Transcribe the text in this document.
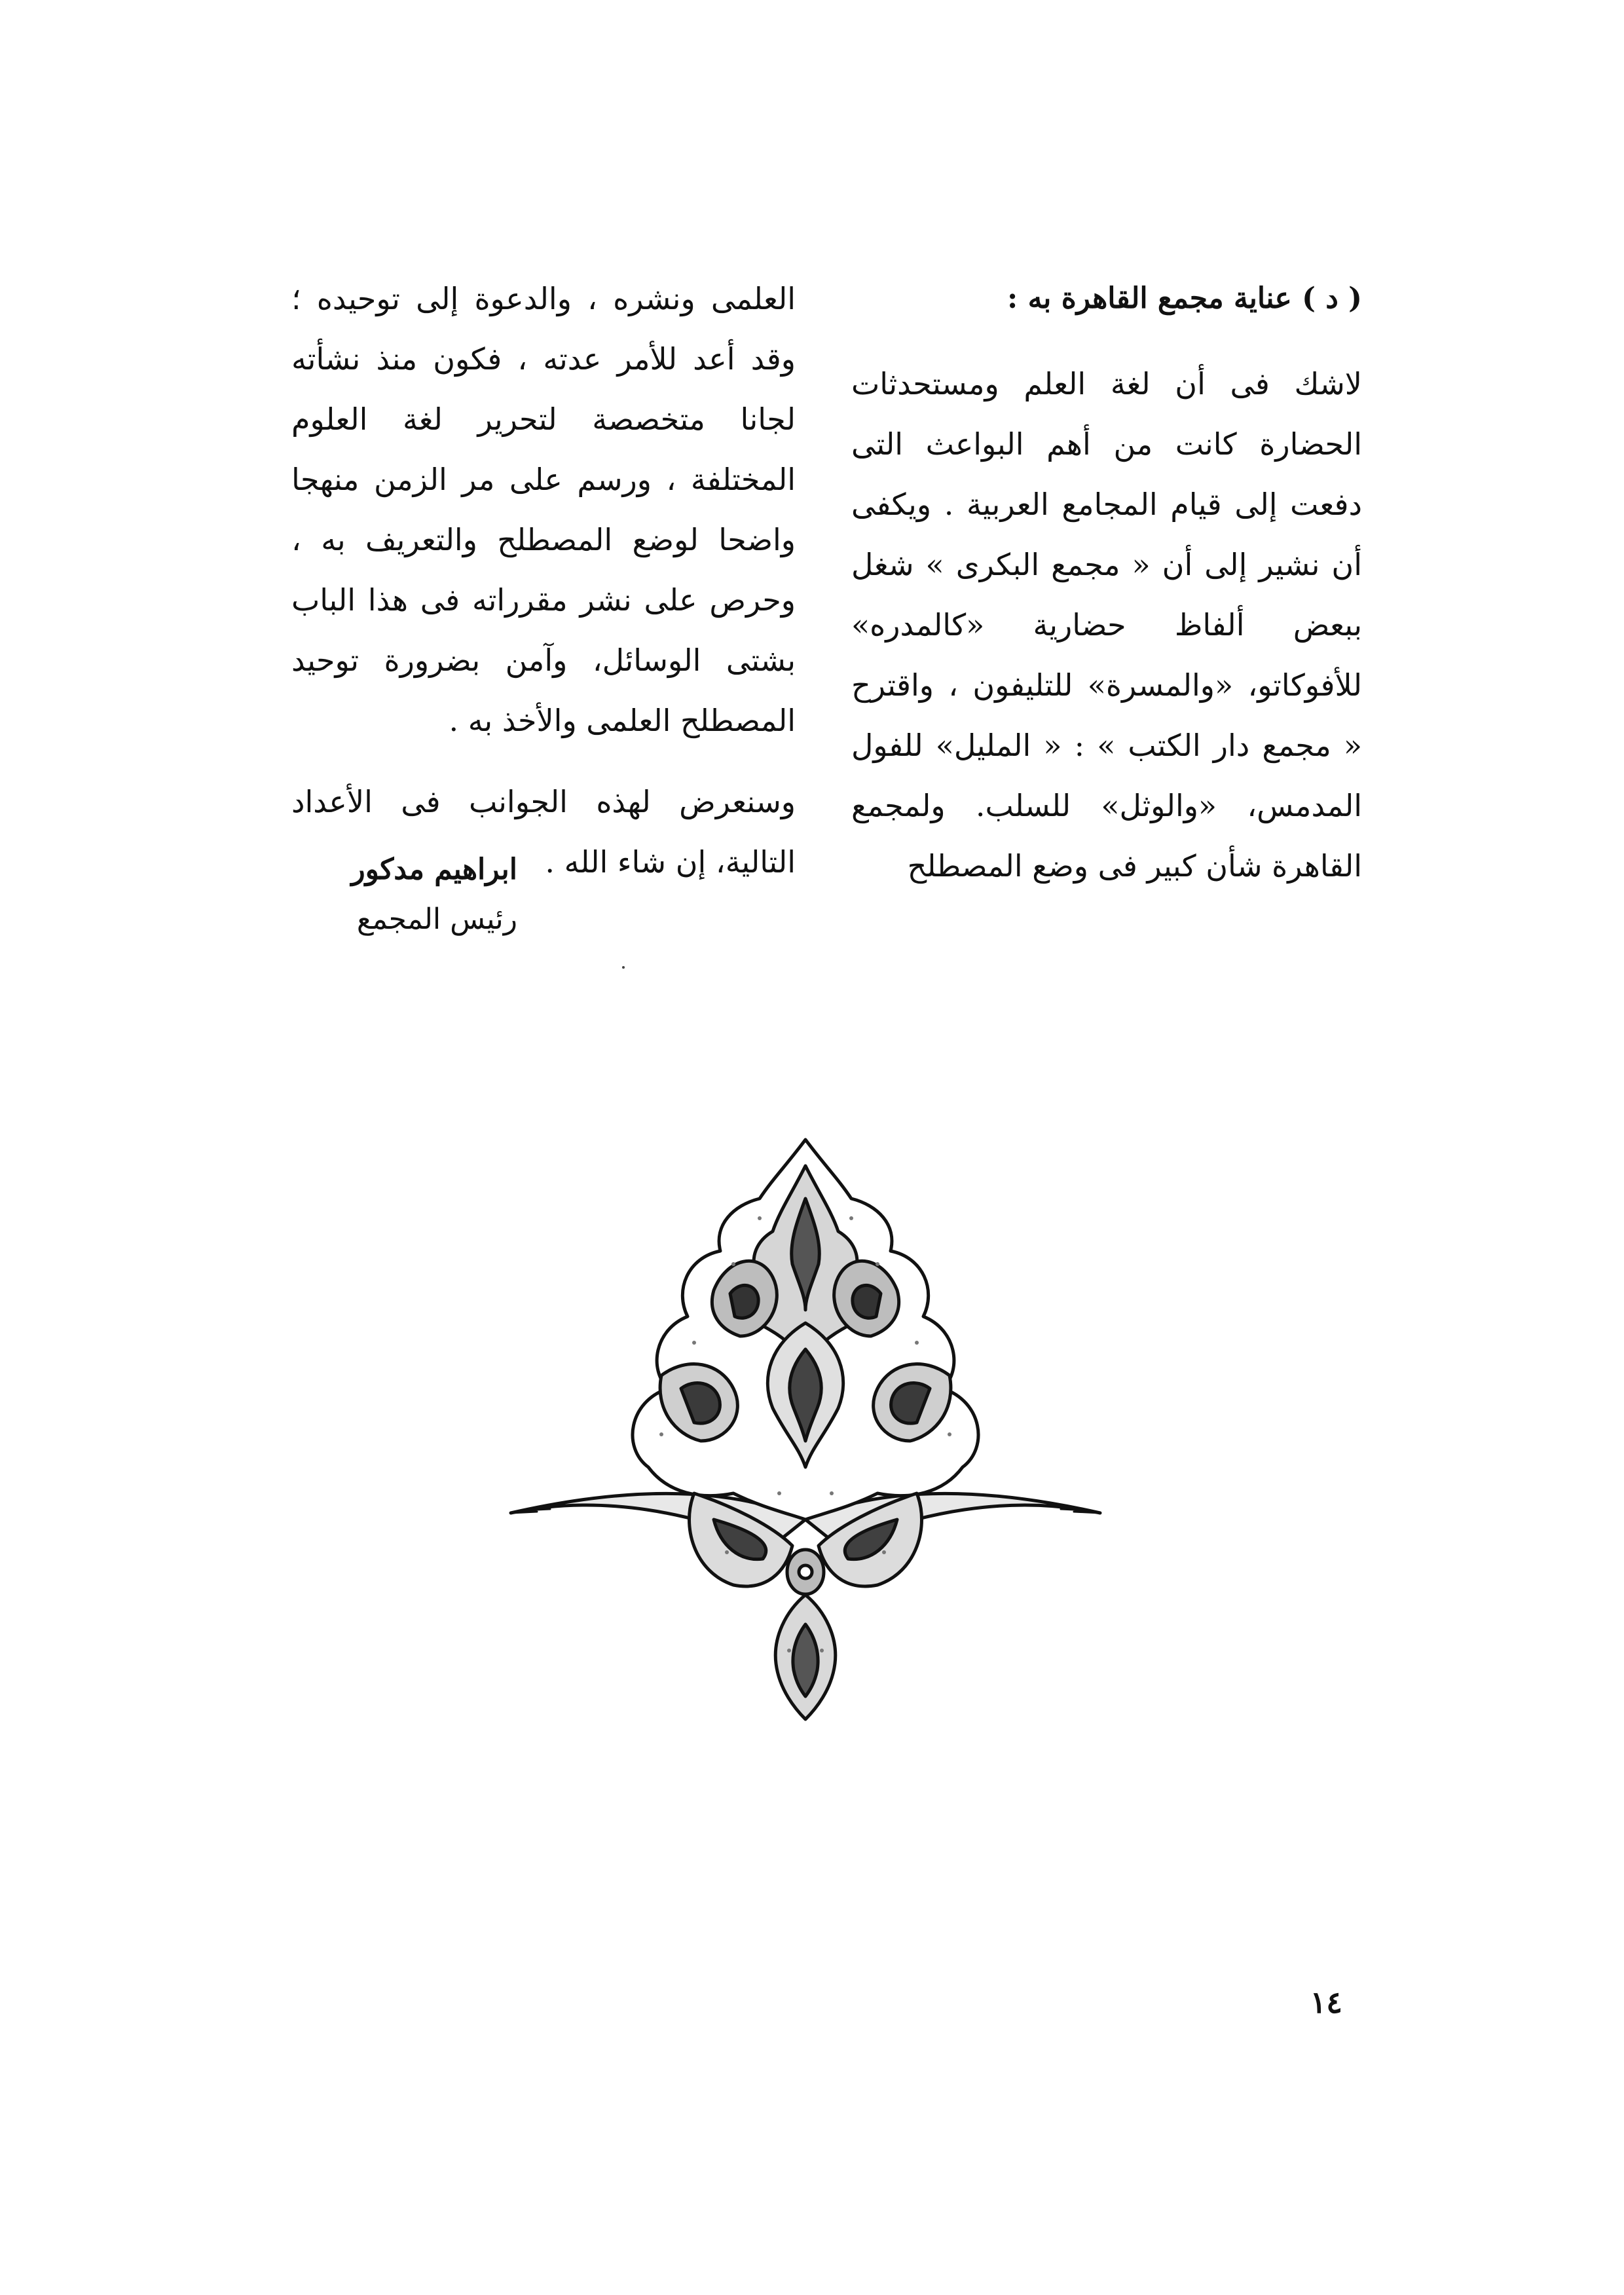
( د ) عناية مجمع القاهرة به :
لاشك فى أن لغة العلم ومستحدثات الحضارة كانت من أهم البواعث التى دفعت إلى قيام المجامع العربية . ويكفى أن نشير إلى أن « مجمع البكرى » شغل ببعض ألفاظ حضارية «كالمدره» للأفوكاتو، «والمسرة» للتليفون ، واقترح « مجمع دار الكتب » : « المليل» للفول المدمس، «والوثل» للسلب. ولمجمع القاهرة شأن كبير فى وضع المصطلح
العلمى ونشره ، والدعوة إلى توحيده ؛ وقد أعد للأمر عدته ، فكون منذ نشأته لجانا متخصصة لتحرير لغة العلوم المختلفة ، ورسم على مر الزمن منهجا واضحا لوضع المصطلح والتعريف به ، وحرص على نشر مقرراته فى هذا الباب بشتى الوسائل، وآمن بضرورة توحيد المصطلح العلمى والأخذ به .
وسنعرض لهذه الجوانب فى الأعداد التالية، إن شاء الله .
ابراهيم مدكور
رئيس المجمع
١٤
